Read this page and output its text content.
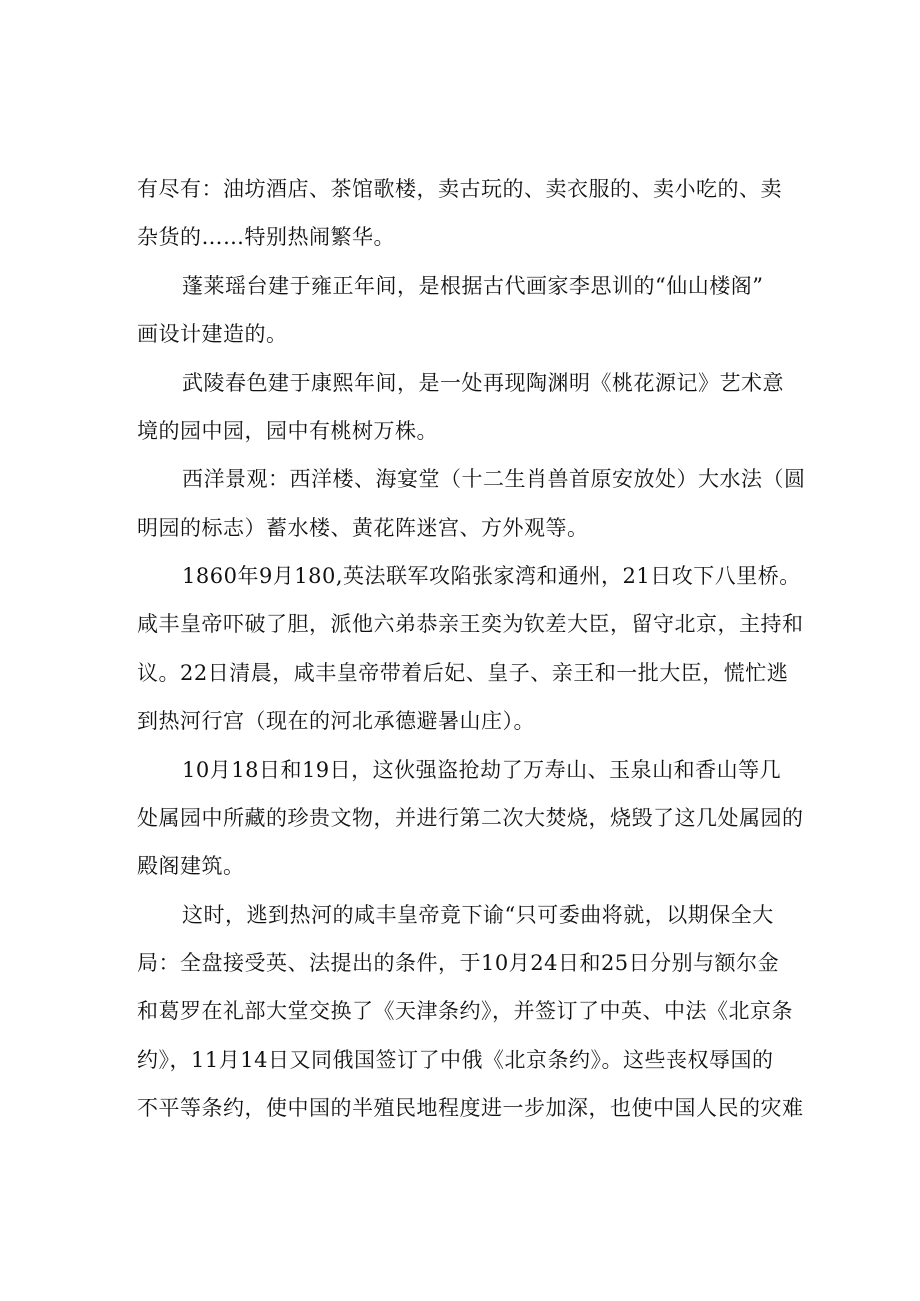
有尽有：油坊酒店、茶馆歌楼，卖古玩的、卖衣服的、卖小吃的、卖
杂货的……特别热闹繁华。
蓬莱瑶台建于雍正年间，是根据古代画家李思训的“仙山楼阁”
画设计建造的。
武陵春色建于康熙年间，是一处再现陶渊明《桃花源记》艺术意
境的园中园，园中有桃树万株。
西洋景观：西洋楼、海宴堂（十二生肖兽首原安放处）大水法（圆
明园的标志）蓄水楼、黄花阵迷宫、方外观等。
1860年9月180,英法联军攻陷张家湾和通州，21日攻下八里桥。
咸丰皇帝吓破了胆，派他六弟恭亲王奕为钦差大臣，留守北京，主持和
议。22日清晨，咸丰皇帝带着后妃、皇子、亲王和一批大臣，慌忙逃
到热河行宫（现在的河北承德避暑山庄）。
10月18日和19日，这伙强盗抢劫了万寿山、玉泉山和香山等几
处属园中所藏的珍贵文物，并进行第二次大焚烧，烧毁了这几处属园的
殿阁建筑。
这时，逃到热河的咸丰皇帝竟下谕“只可委曲将就，以期保全大
局：全盘接受英、法提出的条件，于10月24日和25日分别与额尔金
和葛罗在礼部大堂交换了《天津条约》，并签订了中英、中法《北京条
约》，11月14日又同俄国签订了中俄《北京条约》。这些丧权辱国的
不平等条约，使中国的半殖民地程度进一步加深，也使中国人民的灾难
